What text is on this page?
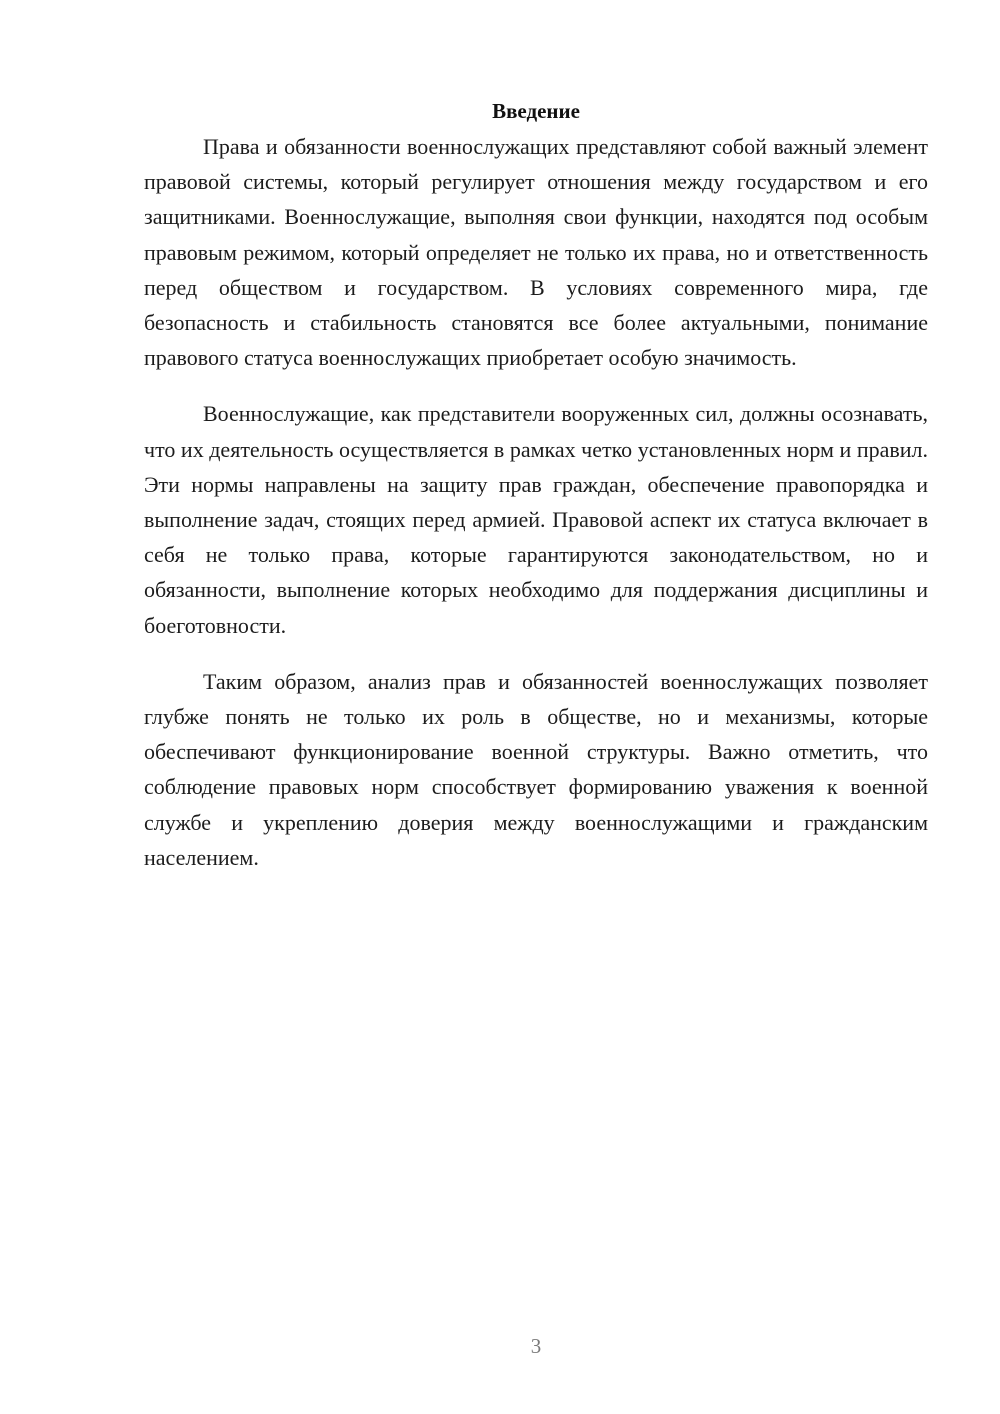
Введение

Права и обязанности военнослужащих представляют собой важный элемент правовой системы, который регулирует отношения между государством и его защитниками. Военнослужащие, выполняя свои функции, находятся под особым правовым режимом, который определяет не только их права, но и ответственность перед обществом и государством. В условиях современного мира, где безопасность и стабильность становятся все более актуальными, понимание правового статуса военнослужащих приобретает особую значимость.

Военнослужащие, как представители вооруженных сил, должны осознавать, что их деятельность осуществляется в рамках четко установленных норм и правил. Эти нормы направлены на защиту прав граждан, обеспечение правопорядка и выполнение задач, стоящих перед армией. Правовой аспект их статуса включает в себя не только права, которые гарантируются законодательством, но и обязанности, выполнение которых необходимо для поддержания дисциплины и боеготовности.

Таким образом, анализ прав и обязанностей военнослужащих позволяет глубже понять не только их роль в обществе, но и механизмы, которые обеспечивают функционирование военной структуры. Важно отметить, что соблюдение правовых норм способствует формированию уважения к военной службе и укреплению доверия между военнослужащими и гражданским населением.

3
